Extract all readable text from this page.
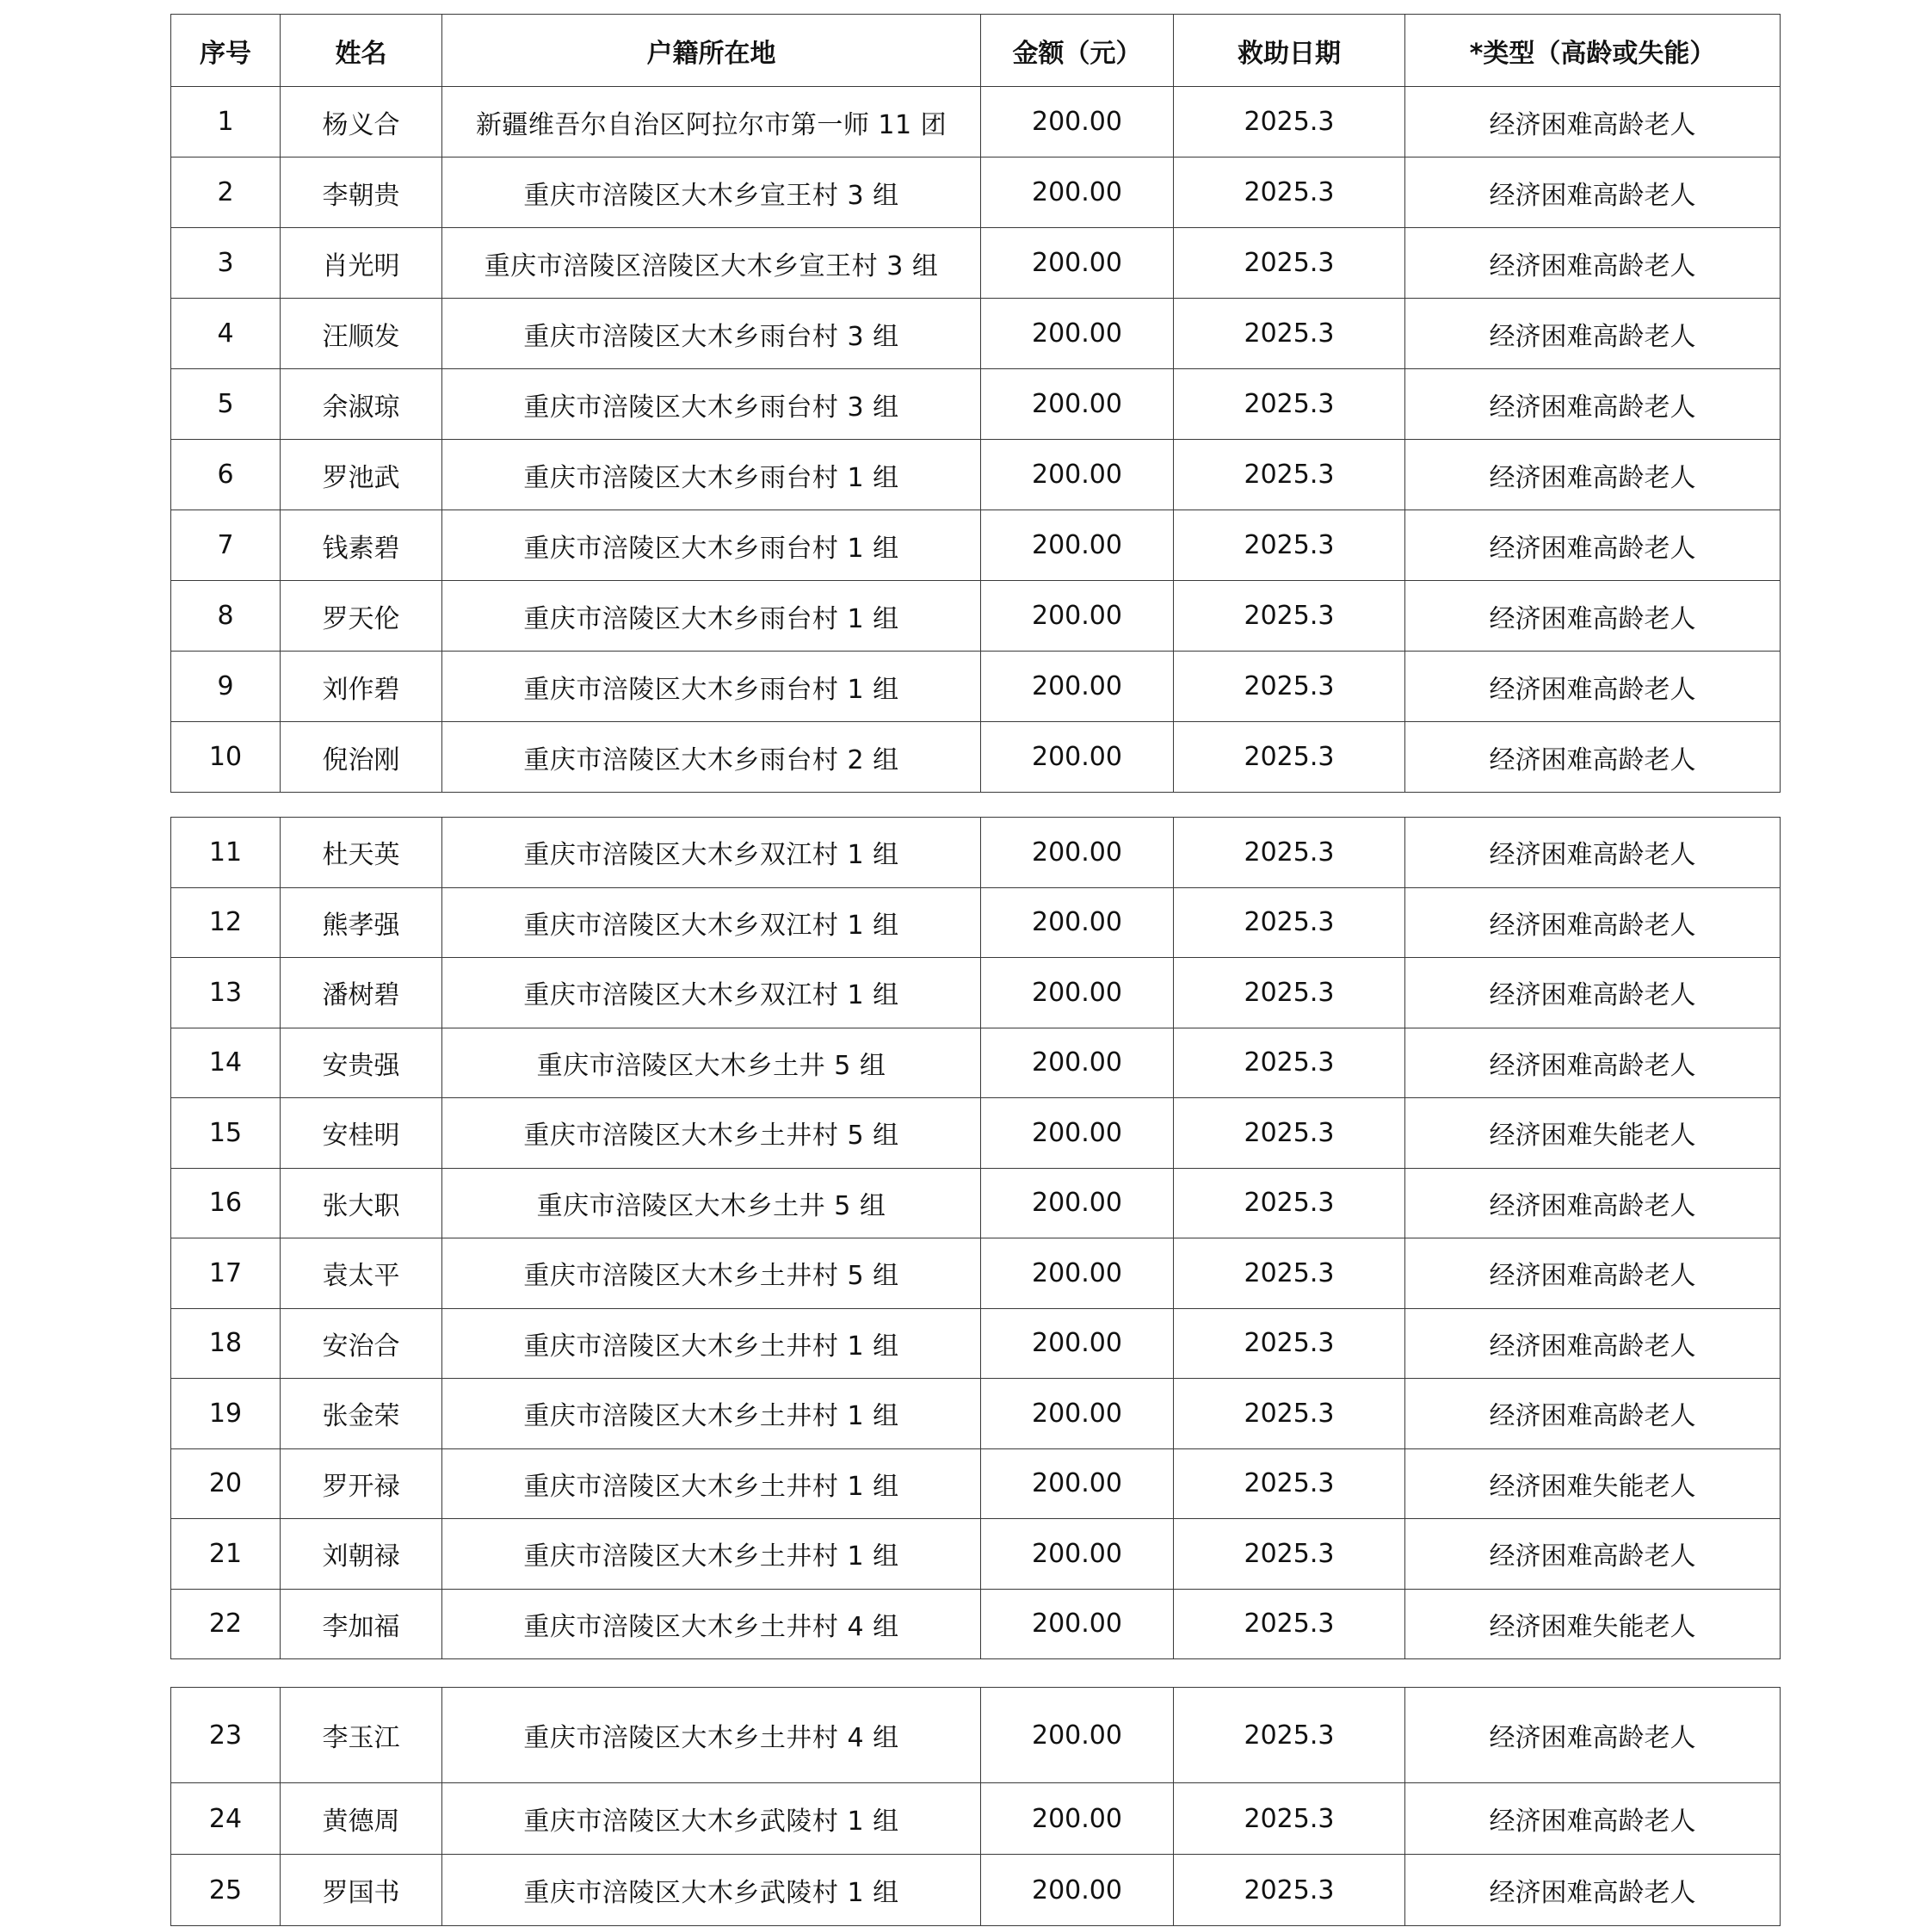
序号	姓名	户籍所在地	金额（元）	救助日期	*类型（高龄或失能）
1	杨义合	新疆维吾尔自治区阿拉尔市第一师 11 团	200.00	2025.3	经济困难高龄老人
2	李朝贵	重庆市涪陵区大木乡宣王村 3 组	200.00	2025.3	经济困难高龄老人
3	肖光明	重庆市涪陵区涪陵区大木乡宣王村 3 组	200.00	2025.3	经济困难高龄老人
4	汪顺发	重庆市涪陵区大木乡雨台村 3 组	200.00	2025.3	经济困难高龄老人
5	余淑琼	重庆市涪陵区大木乡雨台村 3 组	200.00	2025.3	经济困难高龄老人
6	罗池武	重庆市涪陵区大木乡雨台村 1 组	200.00	2025.3	经济困难高龄老人
7	钱素碧	重庆市涪陵区大木乡雨台村 1 组	200.00	2025.3	经济困难高龄老人
8	罗天伦	重庆市涪陵区大木乡雨台村 1 组	200.00	2025.3	经济困难高龄老人
9	刘作碧	重庆市涪陵区大木乡雨台村 1 组	200.00	2025.3	经济困难高龄老人
10	倪治刚	重庆市涪陵区大木乡雨台村 2 组	200.00	2025.3	经济困难高龄老人
11	杜天英	重庆市涪陵区大木乡双江村 1 组	200.00	2025.3	经济困难高龄老人
12	熊孝强	重庆市涪陵区大木乡双江村 1 组	200.00	2025.3	经济困难高龄老人
13	潘树碧	重庆市涪陵区大木乡双江村 1 组	200.00	2025.3	经济困难高龄老人
14	安贵强	重庆市涪陵区大木乡土井 5 组	200.00	2025.3	经济困难高龄老人
15	安桂明	重庆市涪陵区大木乡土井村 5 组	200.00	2025.3	经济困难失能老人
16	张大职	重庆市涪陵区大木乡土井 5 组	200.00	2025.3	经济困难高龄老人
17	袁太平	重庆市涪陵区大木乡土井村 5 组	200.00	2025.3	经济困难高龄老人
18	安治合	重庆市涪陵区大木乡土井村 1 组	200.00	2025.3	经济困难高龄老人
19	张金荣	重庆市涪陵区大木乡土井村 1 组	200.00	2025.3	经济困难高龄老人
20	罗开禄	重庆市涪陵区大木乡土井村 1 组	200.00	2025.3	经济困难失能老人
21	刘朝禄	重庆市涪陵区大木乡土井村 1 组	200.00	2025.3	经济困难高龄老人
22	李加福	重庆市涪陵区大木乡土井村 4 组	200.00	2025.3	经济困难失能老人
23	李玉江	重庆市涪陵区大木乡土井村 4 组	200.00	2025.3	经济困难高龄老人
24	黄德周	重庆市涪陵区大木乡武陵村 1 组	200.00	2025.3	经济困难高龄老人
25	罗国书	重庆市涪陵区大木乡武陵村 1 组	200.00	2025.3	经济困难高龄老人
